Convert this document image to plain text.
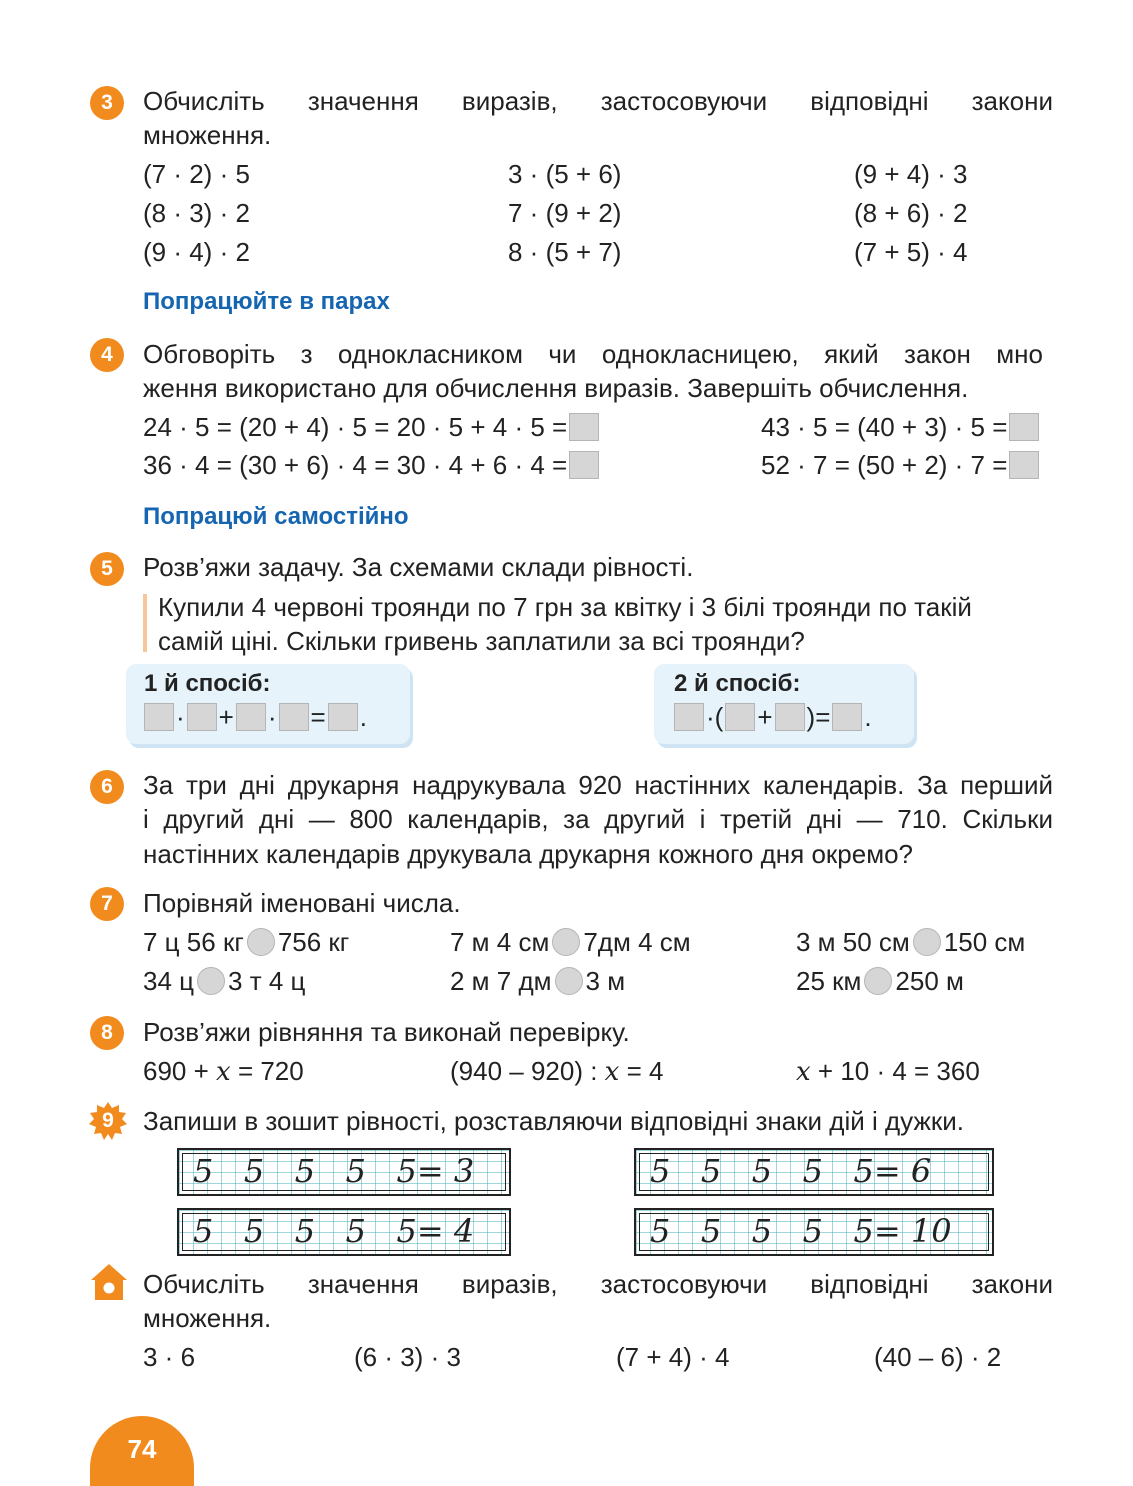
3	Обчисліть значення виразів, застосовуючи відповідні закони
множення.
(7 · 2) · 5	3 · (5 + 6)	(9 + 4) · 3
(8 · 3) · 2	7 · (9 + 2)	(8 + 6) · 2
(9 · 4) · 2	8 · (5 + 7)	(7 + 5) · 4
Попрацюйте в парах
4	Обговоріть з однокласником чи однокласницею, який закон мно
ження використано для обчислення виразів. Завершіть обчислення.
24 · 5 = (20 + 4) · 5 = 20 · 5 + 4 · 5 =	43 · 5 = (40 + 3) · 5 =
36 · 4 = (30 + 6) · 4 = 30 · 4 + 6 · 4 =	52 · 7 = (50 + 2) · 7 =
Попрацюй самостійно
5	Розв’яжи задачу. За схемами склади рівності.
Купили 4 червоні троянди по 7 грн за квітку і 3 білі троянди по такій
самій ціні. Скільки гривень заплатили за всі троянди?
1 й спосіб:
· + · = .
2 й спосіб:
·( + )= .
6	За три дні друкарня надрукувала 920 настінних календарів. За перший
і другий дні — 800 календарів, за другий і третій дні — 710. Скільки
настінних календарів друкувала друкарня кожного дня окремо?
7	Порівняй іменовані числа.
7 ц 56 кг 756 кг	7 м 4 см 7дм 4 см	3 м 50 см 150 см
34 ц 3 т 4 ц	2 м 7 дм 3 м	25 км 250 м
8	Розв’яжи рівняння та виконай перевірку.
690 + x = 720	(940 – 920) : x = 4	x + 10 · 4 = 360
9	Запиши в зошит рівності, розставляючи відповідні знаки дій і дужки.
5   5   5   5   5= 3	5   5   5   5   5= 6
5   5   5   5   5= 4	5   5   5   5   5= 10
Обчисліть значення виразів, застосовуючи відповідні закони
множення.
3 · 6	(6 · 3) · 3	(7 + 4) · 4	(40 – 6) · 2
74
